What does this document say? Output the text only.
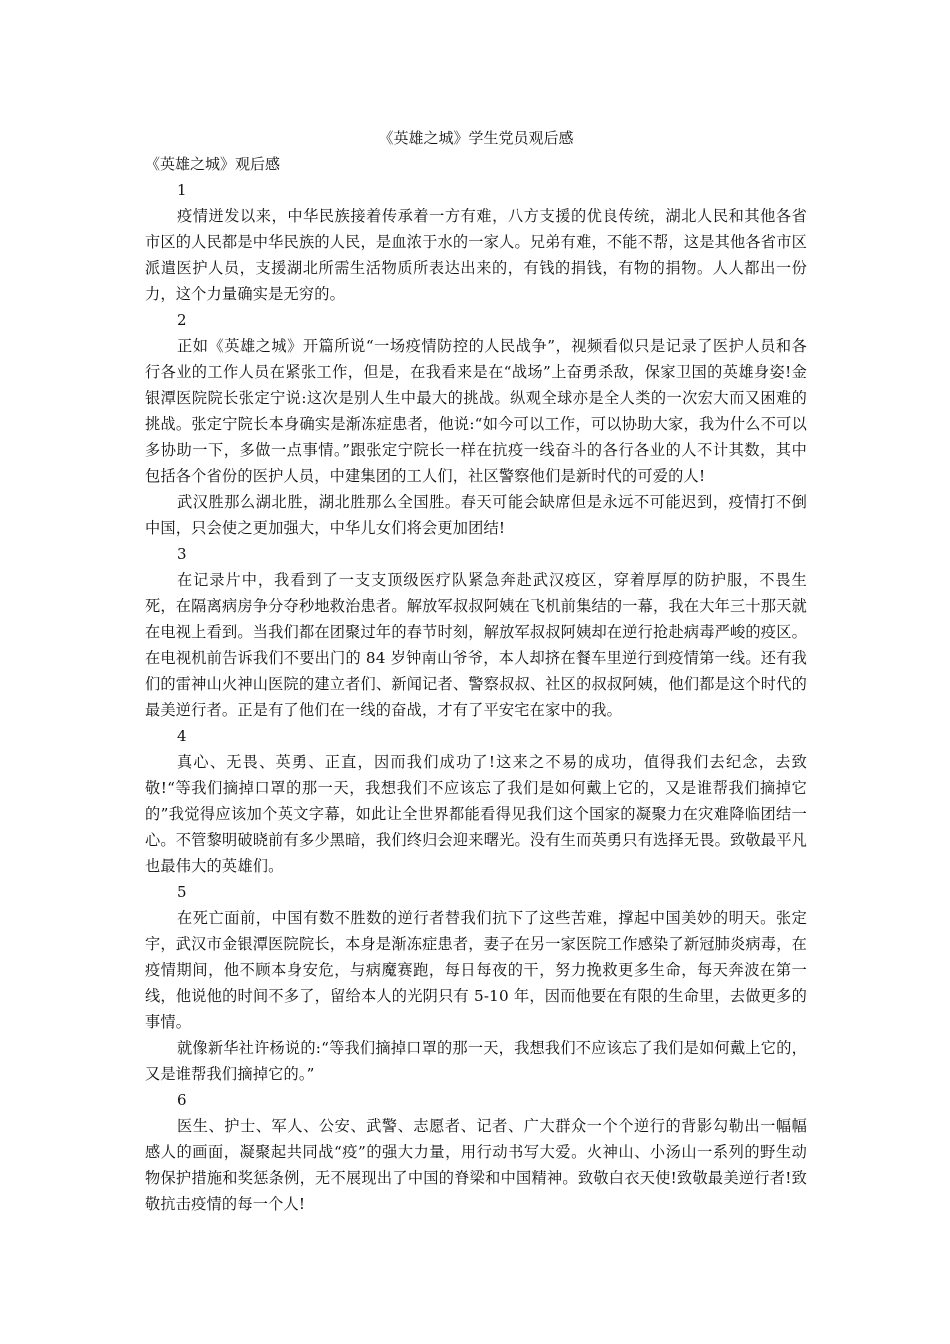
《英雄之城》学生党员观后感

《英雄之城》观后感

1

疫情迸发以来，中华民族接着传承着一方有难，八方支援的优良传统，湖北人民和其他各省市区的人民都是中华民族的人民，是血浓于水的一家人。兄弟有难，不能不帮，这是其他各省市区派遣医护人员，支援湖北所需生活物质所表达出来的，有钱的捐钱，有物的捐物。人人都出一份力，这个力量确实是无穷的。

2

正如《英雄之城》开篇所说“一场疫情防控的人民战争”，视频看似只是记录了医护人员和各行各业的工作人员在紧张工作，但是，在我看来是在“战场”上奋勇杀敌，保家卫国的英雄身姿!金银潭医院院长张定宁说:这次是别人生中最大的挑战。纵观全球亦是全人类的一次宏大而又困难的挑战。张定宁院长本身确实是渐冻症患者，他说:“如今可以工作，可以协助大家，我为什么不可以多协助一下，多做一点事情。”跟张定宁院长一样在抗疫一线奋斗的各行各业的人不计其数，其中包括各个省份的医护人员，中建集团的工人们，社区警察他们是新时代的可爱的人!

武汉胜那么湖北胜，湖北胜那么全国胜。春天可能会缺席但是永远不可能迟到，疫情打不倒中国，只会使之更加强大，中华儿女们将会更加团结!

3

在记录片中，我看到了一支支顶级医疗队紧急奔赴武汉疫区，穿着厚厚的防护服，不畏生死，在隔离病房争分夺秒地救治患者。解放军叔叔阿姨在飞机前集结的一幕，我在大年三十那天就在电视上看到。当我们都在团聚过年的春节时刻，解放军叔叔阿姨却在逆行抢赴病毒严峻的疫区。在电视机前告诉我们不要出门的 84 岁钟南山爷爷，本人却挤在餐车里逆行到疫情第一线。还有我们的雷神山火神山医院的建立者们、新闻记者、警察叔叔、社区的叔叔阿姨，他们都是这个时代的最美逆行者。正是有了他们在一线的奋战，才有了平安宅在家中的我。

4

真心、无畏、英勇、正直，因而我们成功了!这来之不易的成功，值得我们去纪念，去致敬!“等我们摘掉口罩的那一天，我想我们不应该忘了我们是如何戴上它的，又是谁帮我们摘掉它的”我觉得应该加个英文字幕，如此让全世界都能看得见我们这个国家的凝聚力在灾难降临团结一心。不管黎明破晓前有多少黑暗，我们终归会迎来曙光。没有生而英勇只有选择无畏。致敬最平凡也最伟大的英雄们。

5

在死亡面前，中国有数不胜数的逆行者替我们抗下了这些苦难，撑起中国美妙的明天。张定宇，武汉市金银潭医院院长，本身是渐冻症患者，妻子在另一家医院工作感染了新冠肺炎病毒，在疫情期间，他不顾本身安危，与病魔赛跑，每日每夜的干，努力挽救更多生命，每天奔波在第一线，他说他的时间不多了，留给本人的光阴只有 5-10 年，因而他要在有限的生命里，去做更多的事情。

就像新华社许杨说的:“等我们摘掉口罩的那一天，我想我们不应该忘了我们是如何戴上它的，又是谁帮我们摘掉它的。”

6

医生、护士、军人、公安、武警、志愿者、记者、广大群众一个个逆行的背影勾勒出一幅幅感人的画面，凝聚起共同战“疫”的强大力量，用行动书写大爱。火神山、小汤山一系列的野生动物保护措施和奖惩条例，无不展现出了中国的脊梁和中国精神。致敬白衣天使!致敬最美逆行者!致敬抗击疫情的每一个人!
